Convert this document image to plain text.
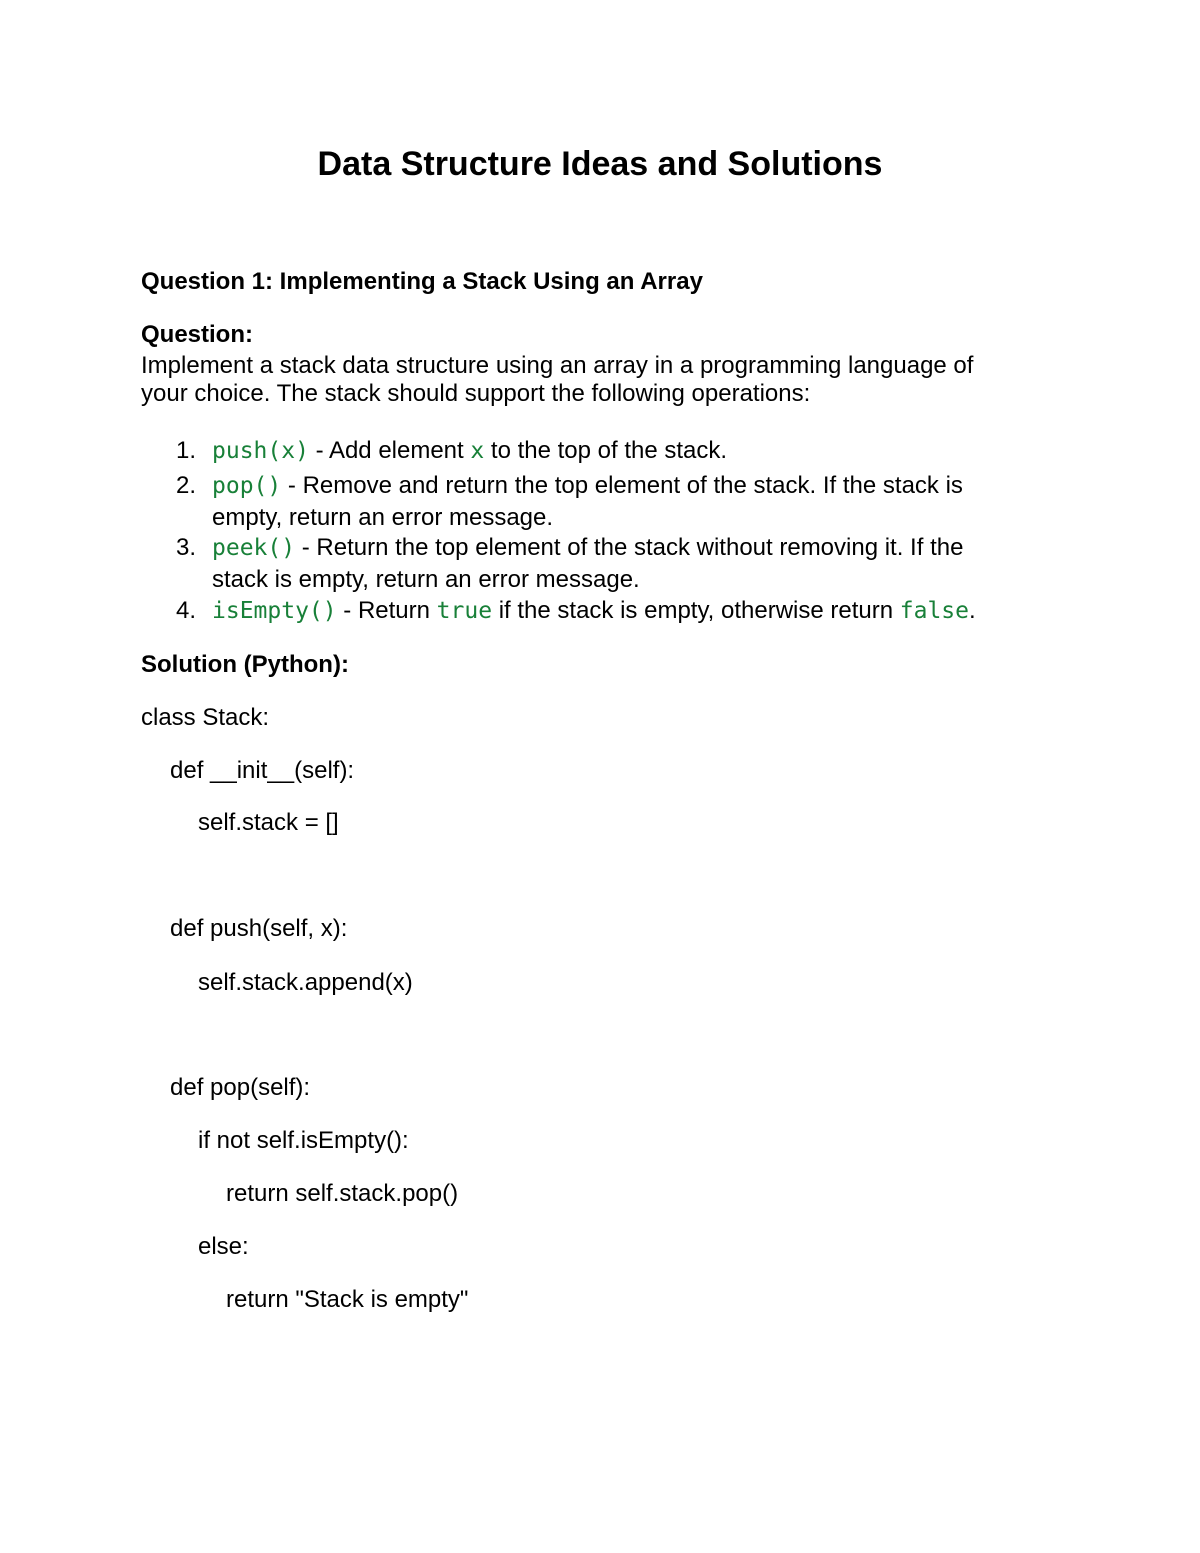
Data Structure Ideas and Solutions
Question 1: Implementing a Stack Using an Array
Question:
Implement a stack data structure using an array in a programming language of
your choice. The stack should support the following operations:
1. push(x) - Add element x to the top of the stack.
2. pop() - Remove and return the top element of the stack. If the stack is
empty, return an error message.
3. peek() - Return the top element of the stack without removing it. If the
stack is empty, return an error message.
4. isEmpty() - Return true if the stack is empty, otherwise return false.
Solution (Python):
class Stack:
def __init__(self):
self.stack = []
def push(self, x):
self.stack.append(x)
def pop(self):
if not self.isEmpty():
return self.stack.pop()
else:
return "Stack is empty"
